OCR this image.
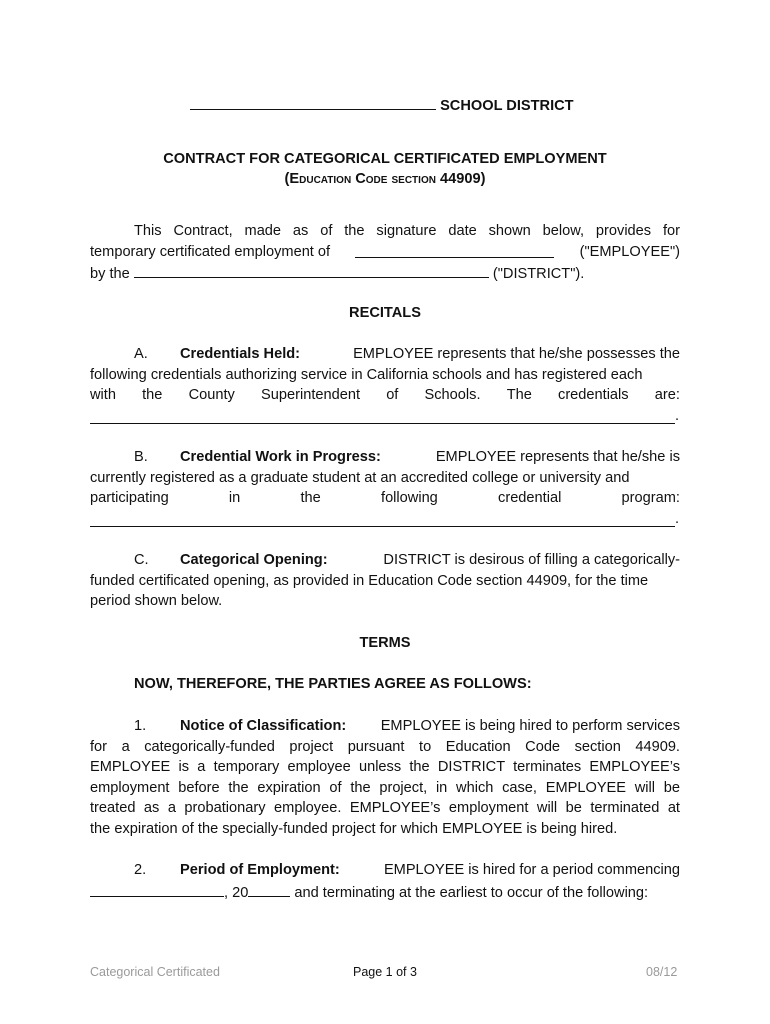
SCHOOL DISTRICT
CONTRACT FOR CATEGORICAL CERTIFICATED EMPLOYMENT
(Education Code section 44909)
This Contract, made as of the signature date shown below, provides for
temporary certificated employment of	("EMPLOYEE")
by the	("DISTRICT").
RECITALS
A. Credentials Held:	EMPLOYEE represents that he/she possesses the
following credentials authorizing service in California schools and has registered each
with the County Superintendent of Schools. The credentials are:
.
B. Credential Work in Progress:	EMPLOYEE represents that he/she is
currently registered as a graduate student at an accredited college or university and
participating	in	the	following	credential	program:
.
C. Categorical Opening:	DISTRICT is desirous of filling a categorically-
funded certificated opening, as provided in Education Code section 44909, for the time
period shown below.
TERMS
NOW, THEREFORE, THE PARTIES AGREE AS FOLLOWS:
1. Notice of Classification: EMPLOYEE is being hired to perform services
for a categorically-funded project pursuant to Education Code section 44909.
EMPLOYEE is a temporary employee unless the DISTRICT terminates EMPLOYEE’s
employment before the expiration of the project, in which case, EMPLOYEE will be
treated as a probationary employee. EMPLOYEE’s employment will be terminated at
the expiration of the specially-funded project for which EMPLOYEE is being hired.
2. Period of Employment:	EMPLOYEE is hired for a period commencing
, 20	and terminating at the earliest to occur of the following:
Categorical Certificated	Page 1 of 3	08/12
